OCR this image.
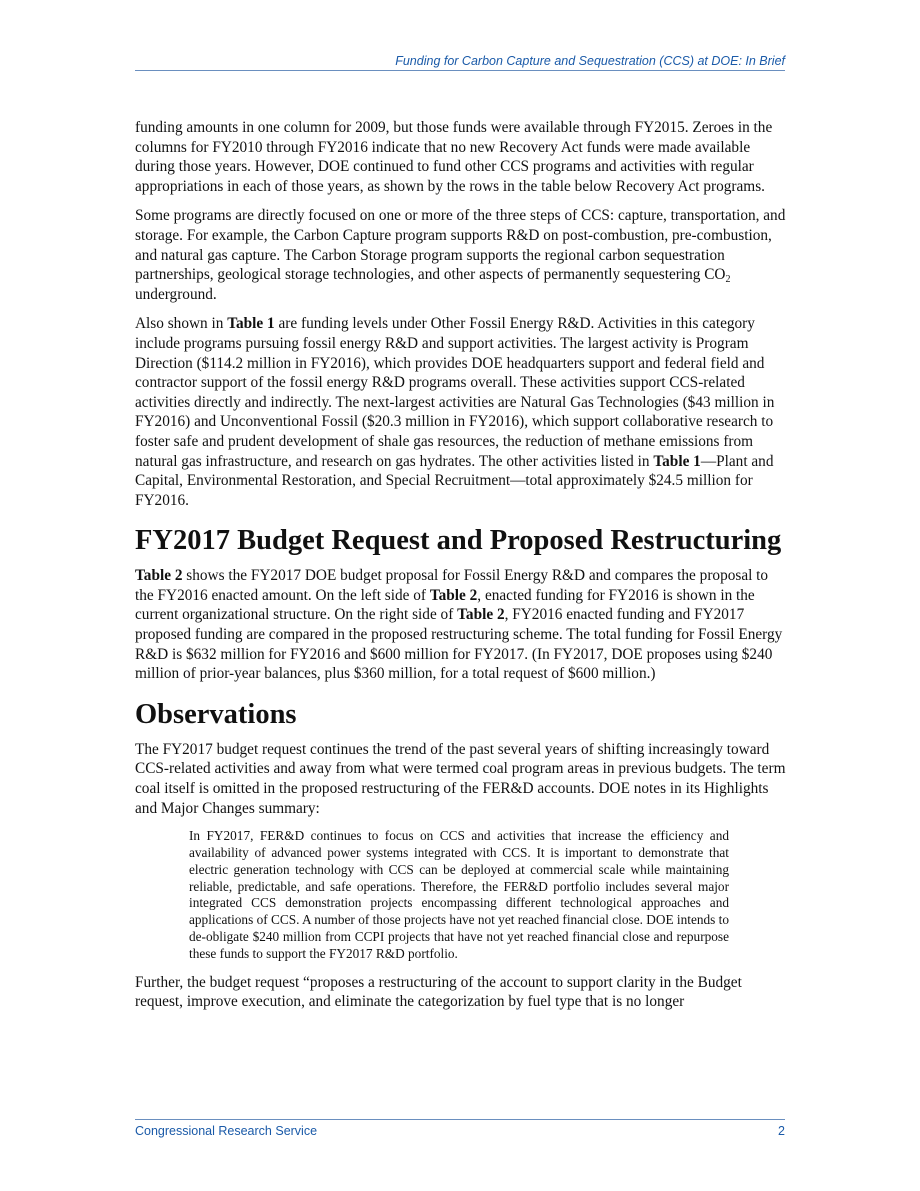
Funding for Carbon Capture and Sequestration (CCS) at DOE: In Brief

funding amounts in one column for 2009, but those funds were available through FY2015. Zeroes in the columns for FY2010 through FY2016 indicate that no new Recovery Act funds were made available during those years. However, DOE continued to fund other CCS programs and activities with regular appropriations in each of those years, as shown by the rows in the table below Recovery Act programs.

Some programs are directly focused on one or more of the three steps of CCS: capture, transportation, and storage. For example, the Carbon Capture program supports R&D on post-combustion, pre-combustion, and natural gas capture. The Carbon Storage program supports the regional carbon sequestration partnerships, geological storage technologies, and other aspects of permanently sequestering $CO_2$ underground.

Also shown in Table 1 are funding levels under Other Fossil Energy R&D. Activities in this category include programs pursuing fossil energy R&D and support activities. The largest activity is Program Direction ($114.2 million in FY2016), which provides DOE headquarters support and federal field and contractor support of the fossil energy R&D programs overall. These activities support CCS-related activities directly and indirectly. The next-largest activities are Natural Gas Technologies ($43 million in FY2016) and Unconventional Fossil ($20.3 million in FY2016), which support collaborative research to foster safe and prudent development of shale gas resources, the reduction of methane emissions from natural gas infrastructure, and research on gas hydrates. The other activities listed in Table 1—Plant and Capital, Environmental Restoration, and Special Recruitment—total approximately $24.5 million for FY2016.

FY2017 Budget Request and Proposed Restructuring

Table 2 shows the FY2017 DOE budget proposal for Fossil Energy R&D and compares the proposal to the FY2016 enacted amount. On the left side of Table 2, enacted funding for FY2016 is shown in the current organizational structure. On the right side of Table 2, FY2016 enacted funding and FY2017 proposed funding are compared in the proposed restructuring scheme. The total funding for Fossil Energy R&D is $632 million for FY2016 and $600 million for FY2017. (In FY2017, DOE proposes using $240 million of prior-year balances, plus $360 million, for a total request of $600 million.)

Observations

The FY2017 budget request continues the trend of the past several years of shifting increasingly toward CCS-related activities and away from what were termed coal program areas in previous budgets. The term coal itself is omitted in the proposed restructuring of the FER&D accounts. DOE notes in its Highlights and Major Changes summary:

In FY2017, FER&D continues to focus on CCS and activities that increase the efficiency and availability of advanced power systems integrated with CCS. It is important to demonstrate that electric generation technology with CCS can be deployed at commercial scale while maintaining reliable, predictable, and safe operations. Therefore, the FER&D portfolio includes several major integrated CCS demonstration projects encompassing different technological approaches and applications of CCS. A number of those projects have not yet reached financial close. DOE intends to de-obligate $240 million from CCPI projects that have not yet reached financial close and repurpose these funds to support the FY2017 R&D portfolio.

Further, the budget request “proposes a restructuring of the account to support clarity in the Budget request, improve execution, and eliminate the categorization by fuel type that is no longer

Congressional Research Service	2
